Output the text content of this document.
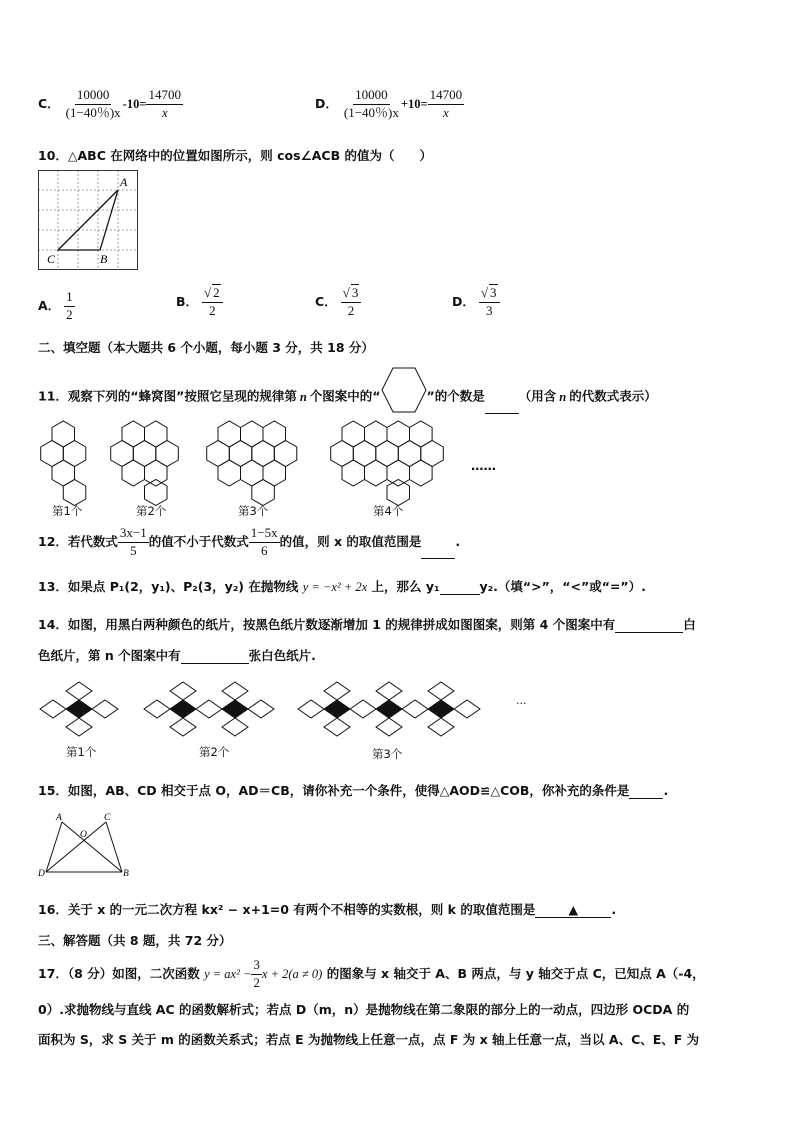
C． $\frac{10000}{(1-40\%)x} -10= \frac{14700}{x}$	D． $\frac{10000}{(1-40\%)x} +10= \frac{14700}{x}$
10．△ABC 在网络中的位置如图所示，则 cos∠ACB 的值为（　　）
A
B
C
A． $\frac{1}{2}$	B． $\frac{√ 2}{2}$	C． $\frac{√ 3}{2}$	D． $\frac{√ 3}{3}$
二、填空题（本大题共 6 个小题，每小题 3 分，共 18 分）
11．观察下列的“蜂窝图”按照它呈现的规律第 n 个图案中的“	”的个数是	（用含 n 的代数式表示）
……
第1个	第2个	第3个	第4个
12．若代数式 $\frac{3x-1}{5}$ 的值不小于代数式 $\frac{1-5x}{6}$ 的值，则 x 的取值范围是	.
13．如果点 P₁(2，y₁)、P₂(3，y₂) 在抛物线 y = −x² + 2x 上，那么 y₁	y₂.（填“>”，“<”或“=”）.
14．如图，用黑白两种颜色的纸片，按黑色纸片数逐渐增加 1 的规律拼成如图图案，则第 4 个图案中有	白
色纸片，第 n 个图案中有	张白色纸片.
···
第1个	第2个	第3个
15．如图，AB、CD 相交于点 O，AD＝CB，请你补充一个条件，使得△AOD≌△COB，你补充的条件是	.
A	C
O
D	B
16．关于 x 的一元二次方程 kx² − x+1=0 有两个不相等的实数根，则 k 的取值范围是	▲	.
三、解答题（共 8 题，共 72 分）
17．（8 分）如图，二次函数 $y = ax^2 - \frac{3}{2}$ x + 2(a ≠ 0) 的图象与 x 轴交于 A、B 两点，与 y 轴交于点 C，已知点 A（-4，
0）.求抛物线与直线 AC 的函数解析式；若点 D（m，n）是抛物线在第二象限的部分上的一动点，四边形 OCDA 的
面积为 S，求 S 关于 m 的函数关系式；若点 E 为抛物线上任意一点，点 F 为 x 轴上任意一点，当以 A、C、E、F 为
